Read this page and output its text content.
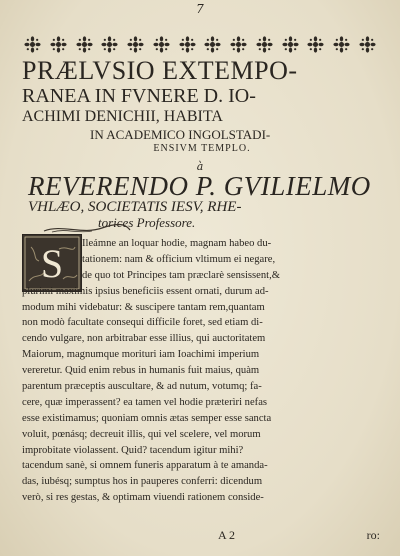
7
PRÆLVSIO EXTEMPO-
RANEA IN FVNERE D. IO-
ACHIMI DENICHII, HABITA
IN ACADEMICO INGOLSTADI-
ENSIVM TEMPLO.
à
REVERENDO P. GVILIELMO
VHLÆO, SOCIETATIS IESV, RHE-
torices Professore.
S	Ileámne an loquar hodie, magnam habeo du-
tationem: nam & officium vltimum ei negare,
de quo tot Principes tam præclarè sensissent,&
plurimi maximis ipsius beneficiis essent ornati, durum ad-
modum mihi videbatur: & suscipere tantam rem,quantam
non modò facultate consequi difficile foret, sed etiam di-
cendo vulgare, non arbitrabar esse illius, qui auctoritatem
Maiorum, magnumque morituri iam Ioachimi imperium
vereretur. Quid enim rebus in humanis fuit maius, quàm
parentum præceptis auscultare, & ad nutum, votumq; fa-
cere, quæ imperassent? ea tamen vel hodie præterìri nefas
esse existimamus; quoniam omnis ætas semper esse sancta
voluit, pœnásq; decreuit illis, qui vel scelere, vel morum
improbitate violassent. Quid? tacendum igitur mihi?
tacendum sanè, si omnem funeris apparatum à te amanda-
das, iubésq; sumptus hos in pauperes conferri: dicendum
verò, si res gestas, & optimam viuendi rationem conside-
A 2	ro:
